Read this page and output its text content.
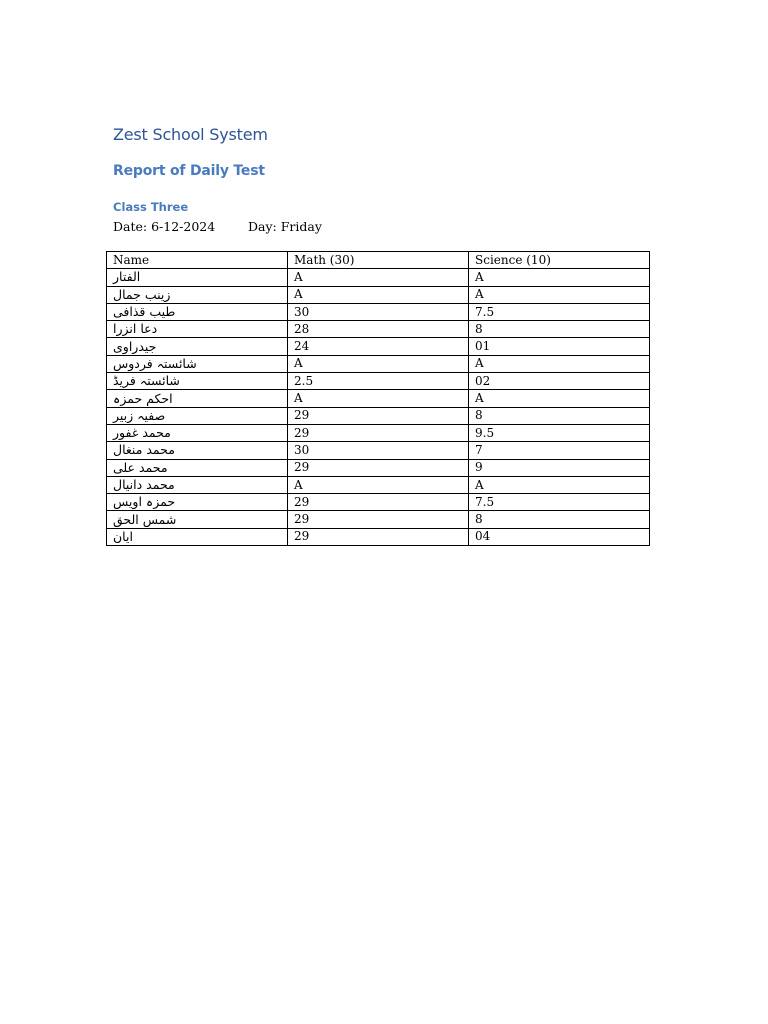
Zest School System
Report of Daily Test
Class Three

Date: 6-12-2024	Day: Friday

Name	Math (30)	Science (10)
الفتار	A	A
زینب جمال	A	A
طیب قذافی	30	7.5
دعا انزرا	28	8
جیدراوی	24	01
شائستہ فردوس	A	A
شائستہ فریڈ	2.5	02
احکم حمزہ	A	A
صفیہ زبیر	29	8
محمد غفور	29	9.5
محمد منغال	30	7
محمد علی	29	9
محمد دانیال	A	A
حمزہ اویس	29	7.5
شمس الحق	29	8
ایان	29	04
